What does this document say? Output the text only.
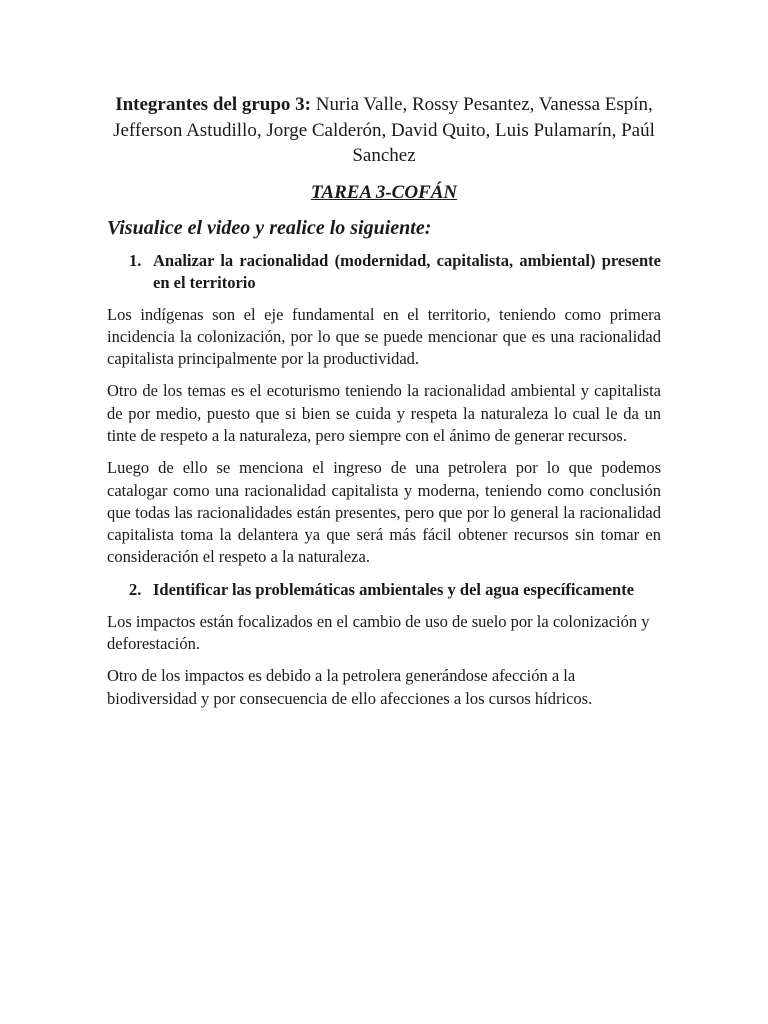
Integrantes del grupo 3: Nuria Valle, Rossy Pesantez, Vanessa Espín, Jefferson Astudillo, Jorge Calderón, David Quito, Luis Pulamarín, Paúl Sanchez

TAREA 3-COFÁN

Visualice el video y realice lo siguiente:

1. Analizar la racionalidad (modernidad, capitalista, ambiental) presente en el territorio

Los indígenas son el eje fundamental en el territorio, teniendo como primera incidencia la colonización, por lo que se puede mencionar que es una racionalidad capitalista principalmente por la productividad.

Otro de los temas es el ecoturismo teniendo la racionalidad ambiental y capitalista de por medio, puesto que si bien se cuida y respeta la naturaleza lo cual le da un tinte de respeto a la naturaleza, pero siempre con el ánimo de generar recursos.

Luego de ello se menciona el ingreso de una petrolera por lo que podemos catalogar como una racionalidad capitalista y moderna, teniendo como conclusión que todas las racionalidades están presentes, pero que por lo general la racionalidad capitalista toma la delantera ya que será más fácil obtener recursos sin tomar en consideración el respeto a la naturaleza.

2. Identificar las problemáticas ambientales y del agua específicamente

Los impactos están focalizados en el cambio de uso de suelo por la colonización y deforestación.

Otro de los impactos es debido a la petrolera generándose afección a la biodiversidad y por consecuencia de ello afecciones a los cursos hídricos.
